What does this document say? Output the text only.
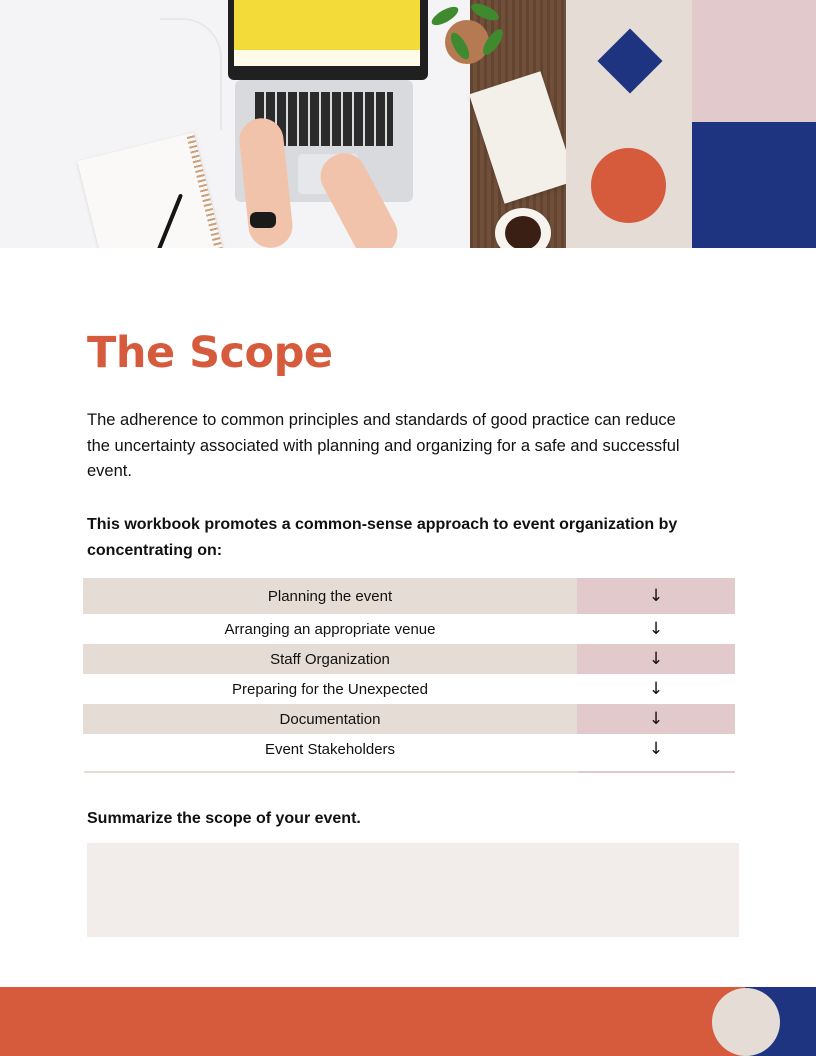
The Scope

The adherence to common principles and standards of good practice can reduce the uncertainty associated with planning and organizing for a safe and successful event.

This workbook promotes a common-sense approach to event organization by concentrating on:

Planning the event	↓
Arranging an appropriate venue	↓
Staff Organization	↓
Preparing for the Unexpected	↓
Documentation	↓
Event Stakeholders	↓

Summarize the scope of your event.
